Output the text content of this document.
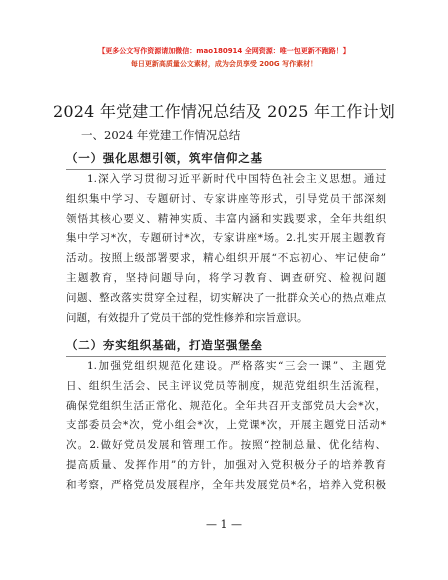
【更多公文写作资源请加微信：mao180914 全网资源：唯一包更新不跑路！】
每日更新高质量公文素材，成为会员享受 200G 写作素材！
2024 年党建工作情况总结及 2025 年工作计划
一、2024 年党建工作情况总结
（一）强化思想引领，筑牢信仰之基
1.深入学习贯彻习近平新时代中国特色社会主义思想。通过
组织集中学习、专题研讨、专家讲座等形式，引导党员干部深刻
领悟其核心要义、精神实质、丰富内涵和实践要求，全年共组织
集中学习*次，专题研讨*次，专家讲座*场。2.扎实开展主题教育
活动。按照上级部署要求，精心组织开展“不忘初心、牢记使命”
主题教育，坚持问题导向，将学习教育、调查研究、检视问题
问题、整改落实贯穿全过程，切实解决了一批群众关心的热点难点
问题，有效提升了党员干部的党性修养和宗旨意识。
（二）夯实组织基础，打造坚强堡垒
1.加强党组织规范化建设。严格落实“三会一课”、主题党
日、组织生活会、民主评议党员等制度，规范党组织生活流程，
确保党组织生活正常化、规范化。全年共召开支部党员大会*次，
支部委员会*次，党小组会*次，上党课*次，开展主题党日活动*
次。2.做好党员发展和管理工作。按照“控制总量、优化结构、
提高质量、发挥作用”的方针，加强对入党积极分子的培养教育
和考察，严格党员发展程序，全年共发展党员*名，培养入党积极
— 1 —
